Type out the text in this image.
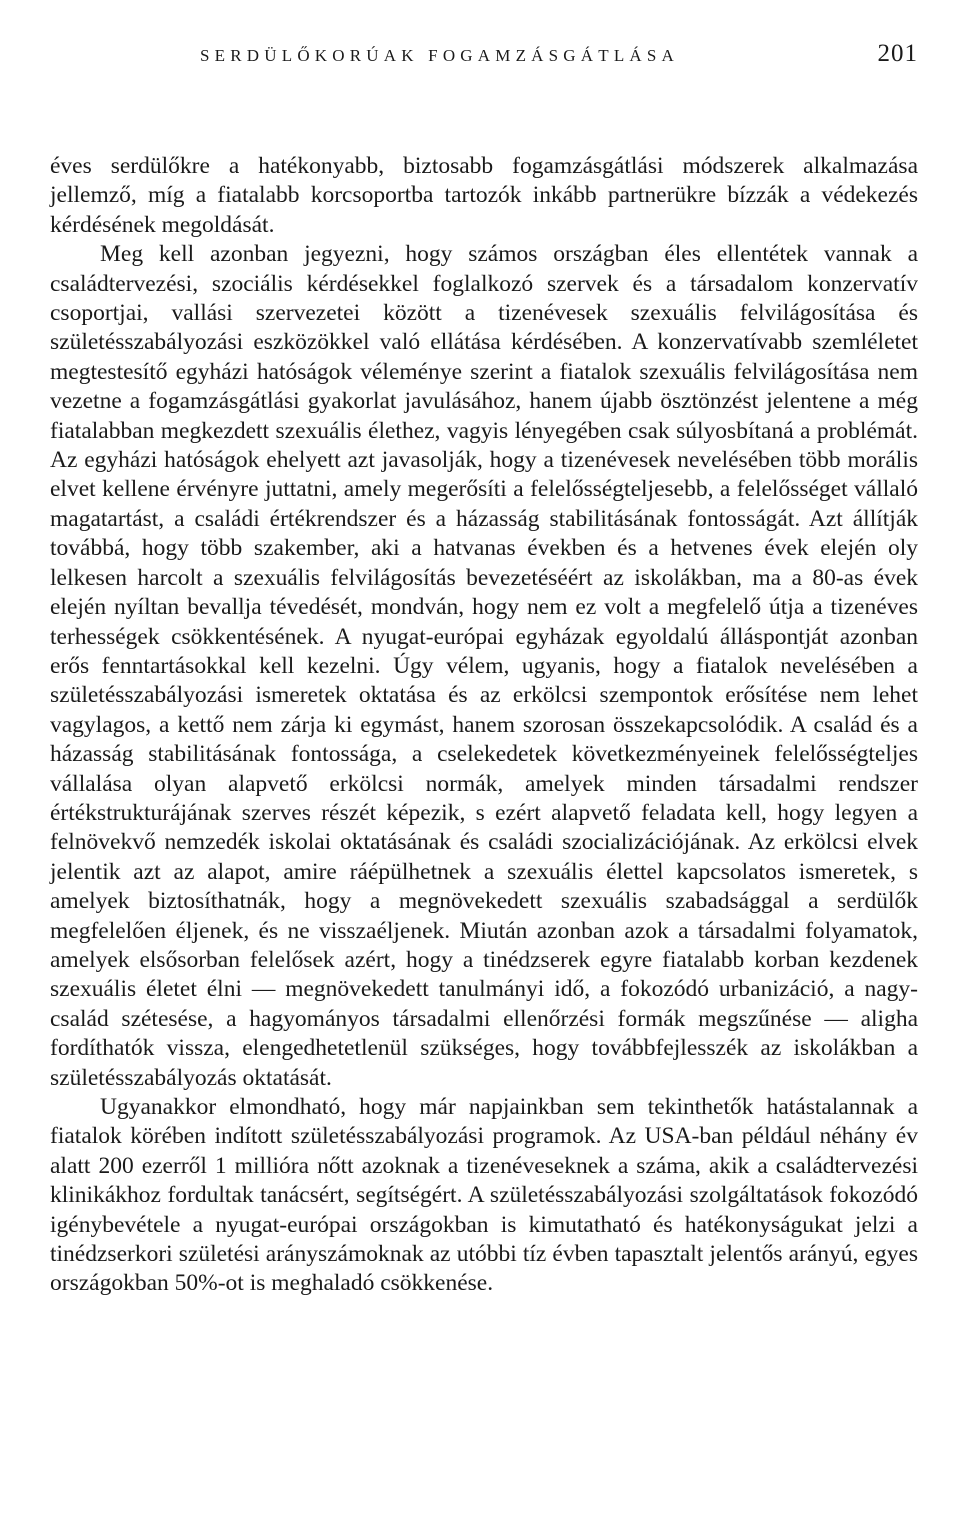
SERDÜLŐKORÚAK FOGAMZÁSGÁTLÁSA	201

éves serdülőkre a hatékonyabb, biztosabb fogamzásgátlási módszerek alkalmazása jellemző, míg a fiatalabb korcsoportba tartozók inkább partnerükre bízzák a védekezés kérdésének megoldását.

Meg kell azonban jegyezni, hogy számos országban éles ellentétek vannak a családtervezési, szociális kérdésekkel foglalkozó szervek és a társadalom konzervatív csoportjai, vallási szervezetei között a tizenévesek szexuális felvilágosítása és születésszabályozási eszközökkel való ellátása kérdésében. A konzervatívabb szemléletet megtestesítő egyházi hatóságok véleménye szerint a fiatalok szexuális felvilágosítása nem vezetne a fogamzásgátlási gyakorlat javulásához, hanem újabb ösztönzést jelentene a még fiatalabban megkezdett szexuális élethez, vagyis lényegében csak súlyosbítaná a problémát. Az egyházi hatóságok ehelyett azt javasolják, hogy a tizenévesek nevelésében több morális elvet kellene érvényre juttatni, amely megerősíti a felelősségteljesebb, a felelősséget vállaló magatartást, a családi értékrendszer és a házasság stabilitásának fontosságát. Azt állítják továbbá, hogy több szakember, aki a hatvanas években és a hetvenes évek elején oly lelkesen harcolt a szexuális felvilágosítás bevezetéséért az iskolákban, ma a 80-as évek elején nyíltan bevallja tévedését, mondván, hogy nem ez volt a megfelelő útja a tizenéves terhességek csökkentésének. A nyugat-európai egyházak egyoldalú álláspontját azonban erős fenntartásokkal kell kezelni. Úgy vélem, ugyanis, hogy a fiatalok nevelésében a születésszabályozási ismeretek oktatása és az erkölcsi szempontok erősítése nem lehet vagylagos, a kettő nem zárja ki egymást, hanem szorosan összekapcsolódik. A család és a házasság stabilitásának fontossága, a cselekedetek következményeinek felelősségteljes vállalása olyan alapvető erkölcsi normák, amelyek minden társadalmi rendszer értékstrukturájának szerves részét képezik, s ezért alapvető feladata kell, hogy legyen a felnövekvő nemzedék iskolai oktatásának és családi szocializációjának. Az erkölcsi elvek jelentik azt az alapot, amire ráépülhetnek a szexuális élettel kapcsolatos ismeretek, s amelyek biztosíthatnák, hogy a megnövekedett szexuális szabadsággal a serdülők megfelelően éljenek, és ne visszaéljenek. Miután azonban azok a társadalmi folyamatok, amelyek elsősorban felelősek azért, hogy a tinédzserek egyre fiatalabb korban kezdenek szexuális életet élni — megnövekedett tanulmányi idő, a fokozódó urbanizáció, a nagycsalád szétesése, a hagyományos társadalmi ellenőrzési formák megszűnése — aligha fordíthatók vissza, elengedhetetlenül szükséges, hogy továbbfejlesszék az iskolákban a születésszabályozás oktatását.

Ugyanakkor elmondható, hogy már napjainkban sem tekinthetők hatástalannak a fiatalok körében indított születésszabályozási programok. Az USA-ban például néhány év alatt 200 ezerről 1 millióra nőtt azoknak a tizenéveseknek a száma, akik a családtervezési klinikákhoz fordultak tanácsért, segítségért. A születésszabályozási szolgáltatások fokozódó igénybevétele a nyugat-európai országokban is kimutatható és hatékonyságukat jelzi a tinédzserkori születési arányszámoknak az utóbbi tíz évben tapasztalt jelentős arányú, egyes országokban 50%-ot is meghaladó csökkenése.
